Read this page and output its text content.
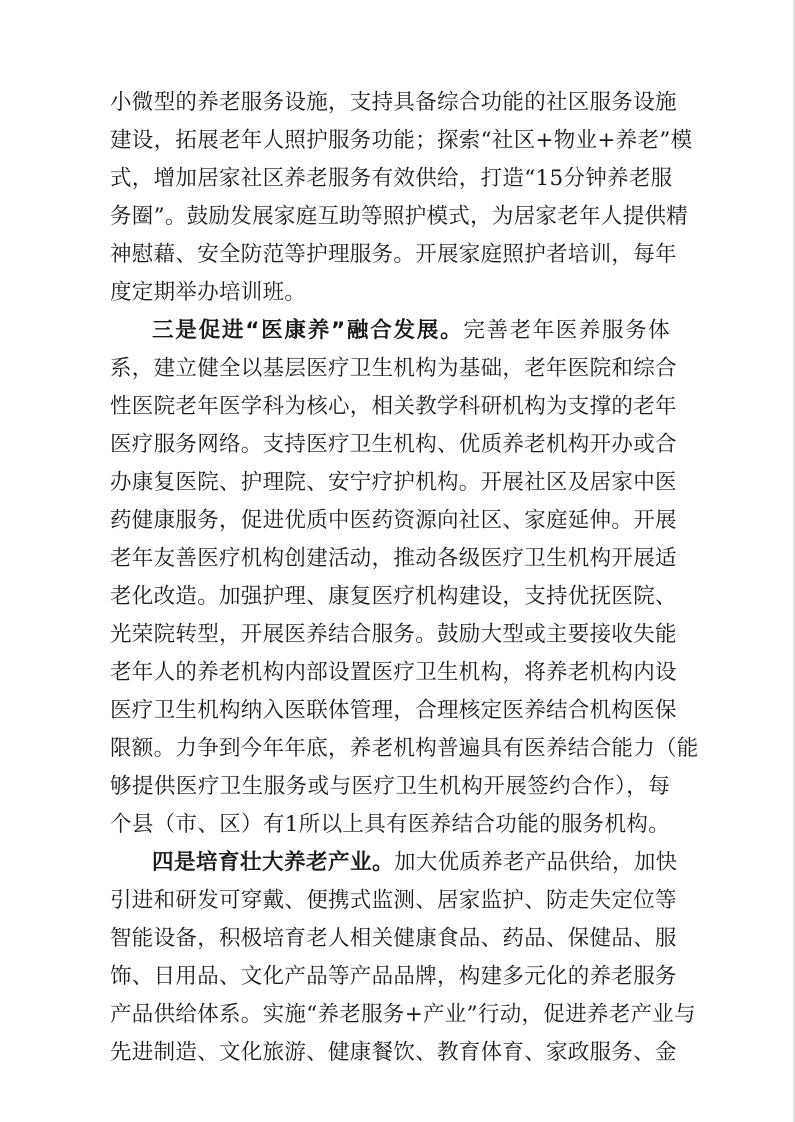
小微型的养老服务设施，支持具备综合功能的社区服务设施
建设，拓展老年人照护服务功能；探索“社区+物业+养老”模
式，增加居家社区养老服务有效供给，打造“15分钟养老服
务圈”。鼓励发展家庭互助等照护模式，为居家老年人提供精
神慰藉、安全防范等护理服务。开展家庭照护者培训，每年
度定期举办培训班。
三是促进“医康养”融合发展。完善老年医养服务体
系，建立健全以基层医疗卫生机构为基础，老年医院和综合
性医院老年医学科为核心，相关教学科研机构为支撑的老年
医疗服务网络。支持医疗卫生机构、优质养老机构开办或合
办康复医院、护理院、安宁疗护机构。开展社区及居家中医
药健康服务，促进优质中医药资源向社区、家庭延伸。开展
老年友善医疗机构创建活动，推动各级医疗卫生机构开展适
老化改造。加强护理、康复医疗机构建设，支持优抚医院、
光荣院转型，开展医养结合服务。鼓励大型或主要接收失能
老年人的养老机构内部设置医疗卫生机构，将养老机构内设
医疗卫生机构纳入医联体管理，合理核定医养结合机构医保
限额。力争到今年年底，养老机构普遍具有医养结合能力（能
够提供医疗卫生服务或与医疗卫生机构开展签约合作），每
个县（市、区）有1所以上具有医养结合功能的服务机构。
四是培育壮大养老产业。加大优质养老产品供给，加快
引进和研发可穿戴、便携式监测、居家监护、防走失定位等
智能设备，积极培育老人相关健康食品、药品、保健品、服
饰、日用品、文化产品等产品品牌，构建多元化的养老服务
产品供给体系。实施“养老服务+产业”行动，促进养老产业与
先进制造、文化旅游、健康餐饮、教育体育、家政服务、金
